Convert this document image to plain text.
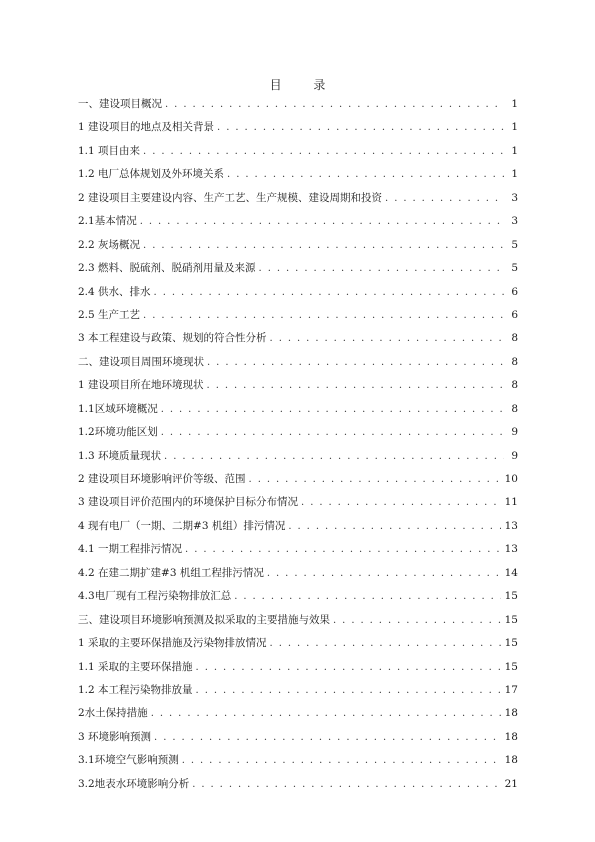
目 录
一、建设项目概况 . . .	1
1 建设项目的地点及相关背景 . . .	1
1.1 项目由来 . . .	1
1.2 电厂总体规划及外环境关系 . . .	1
2 建设项目主要建设内容、生产工艺、生产规模、建设周期和投资 . . .	3
2.1基本情况 . . .	3
2.2 灰场概况 . . .	5
2.3 燃料、脱硫剂、脱硝剂用量及来源 . . .	5
2.4 供水、排水 . . .	6
2.5 生产工艺 . . .	6
3 本工程建设与政策、规划的符合性分析 . . .	8
二、建设项目周围环境现状 . . .	8
1 建设项目所在地环境现状 . . .	8
1.1区域环境概况 . . .	8
1.2环境功能区划 . . .	9
1.3 环境质量现状 . . .	9
2 建设项目环境影响评价等级、范围 . . .	10
3 建设项目评价范围内的环境保护目标分布情况 . . .	11
4 现有电厂（一期、二期#3 机组）排污情况 . . .	13
4.1 一期工程排污情况 . . .	13
4.2 在建二期扩建#3 机组工程排污情况 . . .	14
4.3电厂现有工程污染物排放汇总 . . .	15
三、建设项目环境影响预测及拟采取的主要措施与效果 . . .	15
1 采取的主要环保措施及污染物排放情况 . . .	15
1.1 采取的主要环保措施 . . .	15
1.2 本工程污染物排放量 . . .	17
2水土保持措施 . . .	18
3 环境影响预测 . . .	18
3.1环境空气影响预测 . . .	18
3.2地表水环境影响分析 . . .	21
